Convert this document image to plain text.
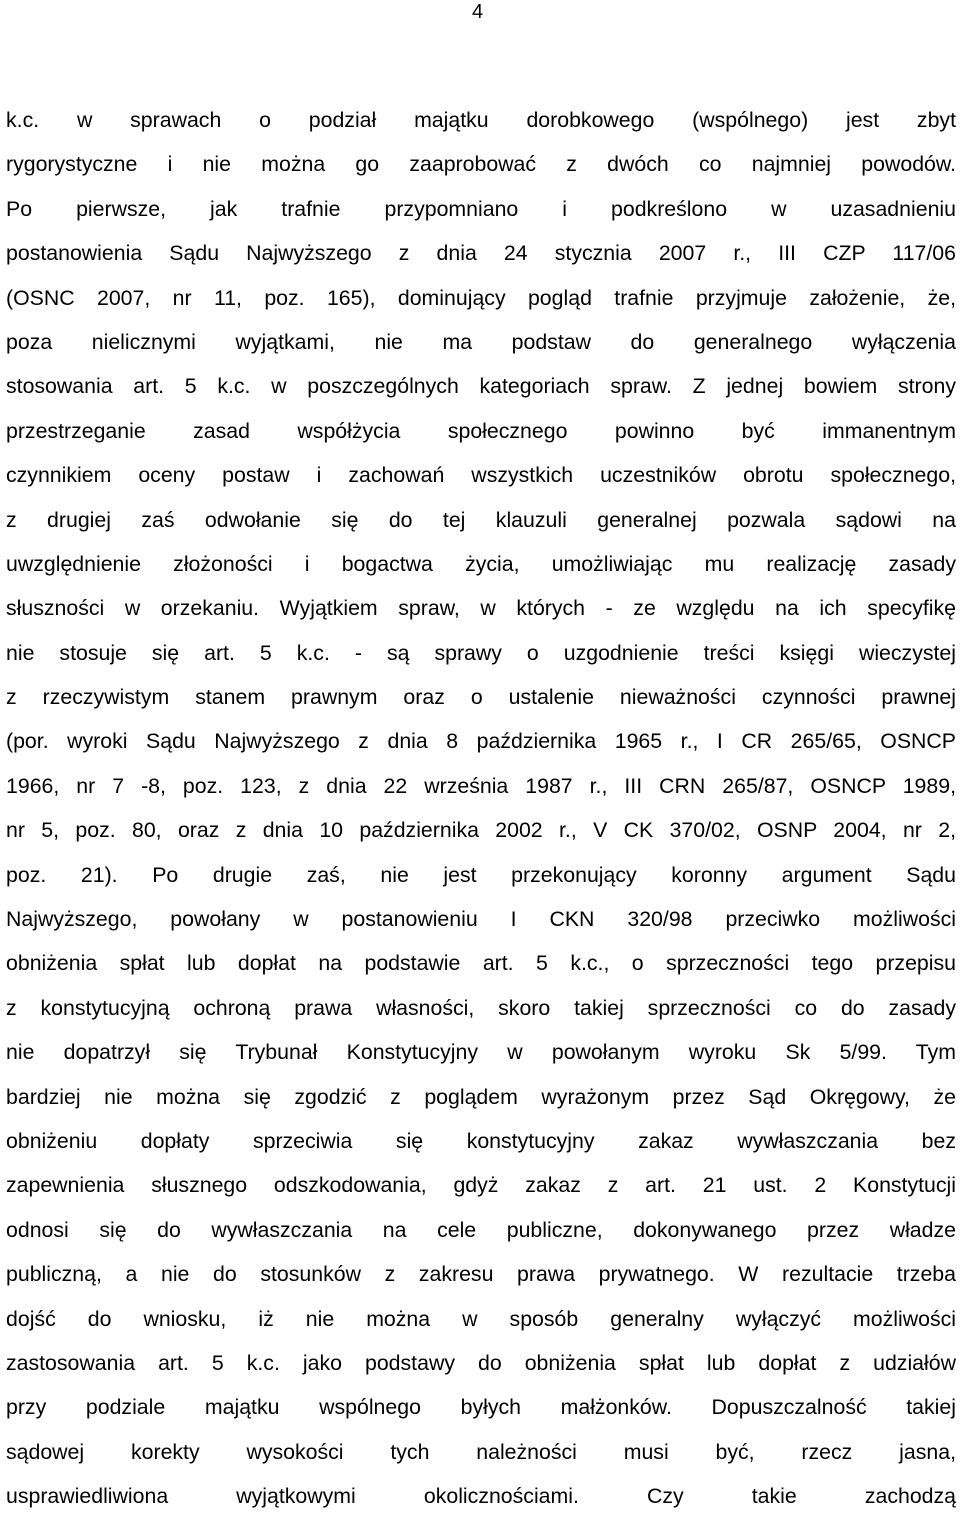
4
k.c. w sprawach o podział majątku dorobkowego (wspólnego) jest zbyt
rygorystyczne i nie można go zaaprobować z dwóch co najmniej powodów.
Po pierwsze, jak trafnie przypomniano i podkreślono w uzasadnieniu
postanowienia Sądu Najwyższego z dnia 24 stycznia 2007 r., III CZP 117/06
(OSNC 2007, nr 11, poz. 165), dominujący pogląd trafnie przyjmuje założenie, że,
poza nielicznymi wyjątkami, nie ma podstaw do generalnego wyłączenia
stosowania art. 5 k.c. w poszczególnych kategoriach spraw. Z jednej bowiem strony
przestrzeganie zasad współżycia społecznego powinno być immanentnym
czynnikiem oceny postaw i zachowań wszystkich uczestników obrotu społecznego,
z drugiej zaś odwołanie się do tej klauzuli generalnej pozwala sądowi na
uwzględnienie złożoności i bogactwa życia, umożliwiając mu realizację zasady
słuszności w orzekaniu. Wyjątkiem spraw, w których - ze względu na ich specyfikę
nie stosuje się art. 5 k.c. - są sprawy o uzgodnienie treści księgi wieczystej
z rzeczywistym stanem prawnym oraz o ustalenie nieważności czynności prawnej
(por. wyroki Sądu Najwyższego z dnia 8 października 1965 r., I CR 265/65, OSNCP
1966, nr 7 -8, poz. 123, z dnia 22 września 1987 r., III CRN 265/87, OSNCP 1989,
nr 5, poz. 80, oraz z dnia 10 października 2002 r., V CK 370/02, OSNP 2004, nr 2,
poz. 21). Po drugie zaś, nie jest przekonujący koronny argument Sądu
Najwyższego, powołany w postanowieniu I CKN 320/98 przeciwko możliwości
obniżenia spłat lub dopłat na podstawie art. 5 k.c., o sprzeczności tego przepisu
z konstytucyjną ochroną prawa własności, skoro takiej sprzeczności co do zasady
nie dopatrzył się Trybunał Konstytucyjny w powołanym wyroku Sk 5/99. Tym
bardziej nie można się zgodzić z poglądem wyrażonym przez Sąd Okręgowy, że
obniżeniu dopłaty sprzeciwia się konstytucyjny zakaz wywłaszczania bez
zapewnienia słusznego odszkodowania, gdyż zakaz z art. 21 ust. 2 Konstytucji
odnosi się do wywłaszczania na cele publiczne, dokonywanego przez władze
publiczną, a nie do stosunków z zakresu prawa prywatnego. W rezultacie trzeba
dojść do wniosku, iż nie można w sposób generalny wyłączyć możliwości
zastosowania art. 5 k.c. jako podstawy do obniżenia spłat lub dopłat z udziałów
przy podziale majątku wspólnego byłych małżonków. Dopuszczalność takiej
sądowej korekty wysokości tych należności musi być, rzecz jasna,
usprawiedliwiona wyjątkowymi okolicznościami. Czy takie zachodzą
